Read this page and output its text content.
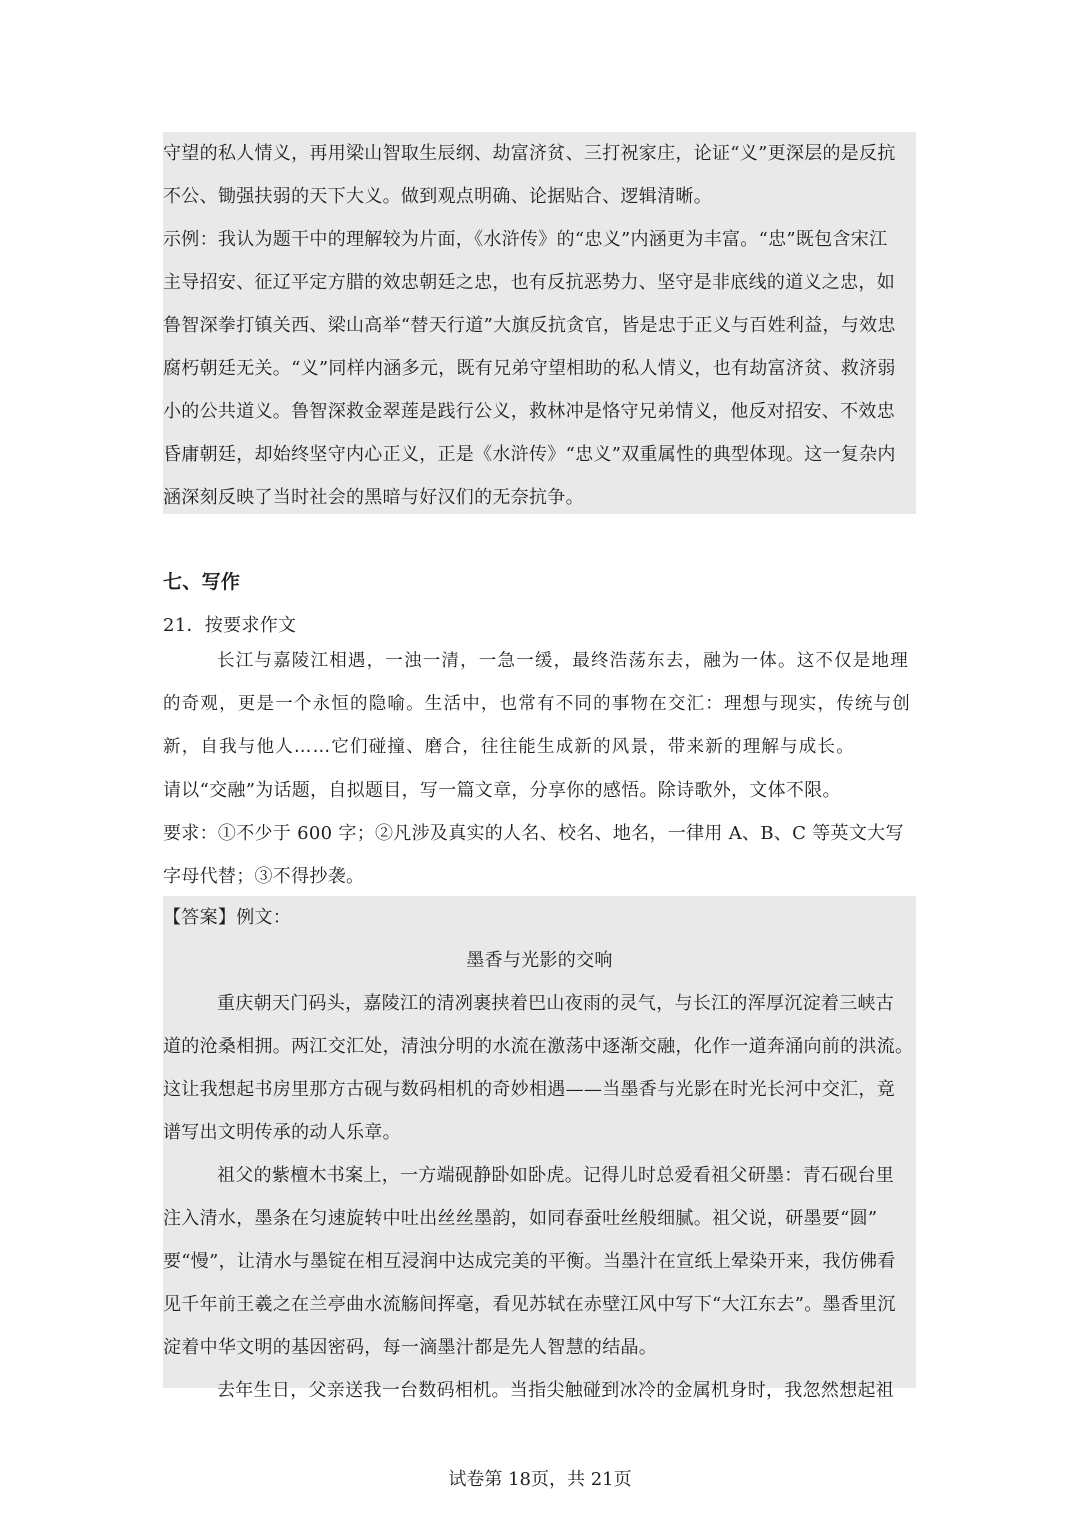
守望的私人情义，再用梁山智取生辰纲、劫富济贫、三打祝家庄，论证“义”更深层的是反抗
不公、锄强扶弱的天下大义。做到观点明确、论据贴合、逻辑清晰。
示例：我认为题干中的理解较为片面，《水浒传》的“忠义”内涵更为丰富。“忠”既包含宋江
主导招安、征辽平定方腊的效忠朝廷之忠，也有反抗恶势力、坚守是非底线的道义之忠，如
鲁智深拳打镇关西、梁山高举“替天行道”大旗反抗贪官，皆是忠于正义与百姓利益，与效忠
腐朽朝廷无关。“义”同样内涵多元，既有兄弟守望相助的私人情义，也有劫富济贫、救济弱
小的公共道义。鲁智深救金翠莲是践行公义，救林冲是恪守兄弟情义，他反对招安、不效忠
昏庸朝廷，却始终坚守内心正义，正是《水浒传》“忠义”双重属性的典型体现。这一复杂内
涵深刻反映了当时社会的黑暗与好汉们的无奈抗争。
七、写作
21．按要求作文
长江与嘉陵江相遇，一浊一清，一急一缓，最终浩荡东去，融为一体。这不仅是地理
的奇观，更是一个永恒的隐喻。生活中，也常有不同的事物在交汇：理想与现实，传统与创
新，自我与他人……它们碰撞、磨合，往往能生成新的风景，带来新的理解与成长。
请以“交融”为话题，自拟题目，写一篇文章，分享你的感悟。除诗歌外，文体不限。
要求：①不少于 600 字；②凡涉及真实的人名、校名、地名，一律用 A、B、C 等英文大写
字母代替；③不得抄袭。
【答案】例文：
墨香与光影的交响
重庆朝天门码头，嘉陵江的清冽裹挟着巴山夜雨的灵气，与长江的浑厚沉淀着三峡古
道的沧桑相拥。两江交汇处，清浊分明的水流在激荡中逐渐交融，化作一道奔涌向前的洪流。
这让我想起书房里那方古砚与数码相机的奇妙相遇——当墨香与光影在时光长河中交汇，竟
谱写出文明传承的动人乐章。
祖父的紫檀木书案上，一方端砚静卧如卧虎。记得儿时总爱看祖父研墨：青石砚台里
注入清水，墨条在匀速旋转中吐出丝丝墨韵，如同春蚕吐丝般细腻。祖父说，研墨要“圆”
要“慢”，让清水与墨锭在相互浸润中达成完美的平衡。当墨汁在宣纸上晕染开来，我仿佛看
见千年前王羲之在兰亭曲水流觞间挥毫，看见苏轼在赤壁江风中写下“大江东去”。墨香里沉
淀着中华文明的基因密码，每一滴墨汁都是先人智慧的结晶。
去年生日，父亲送我一台数码相机。当指尖触碰到冰冷的金属机身时，我忽然想起祖
试卷第 18页，共 21页
